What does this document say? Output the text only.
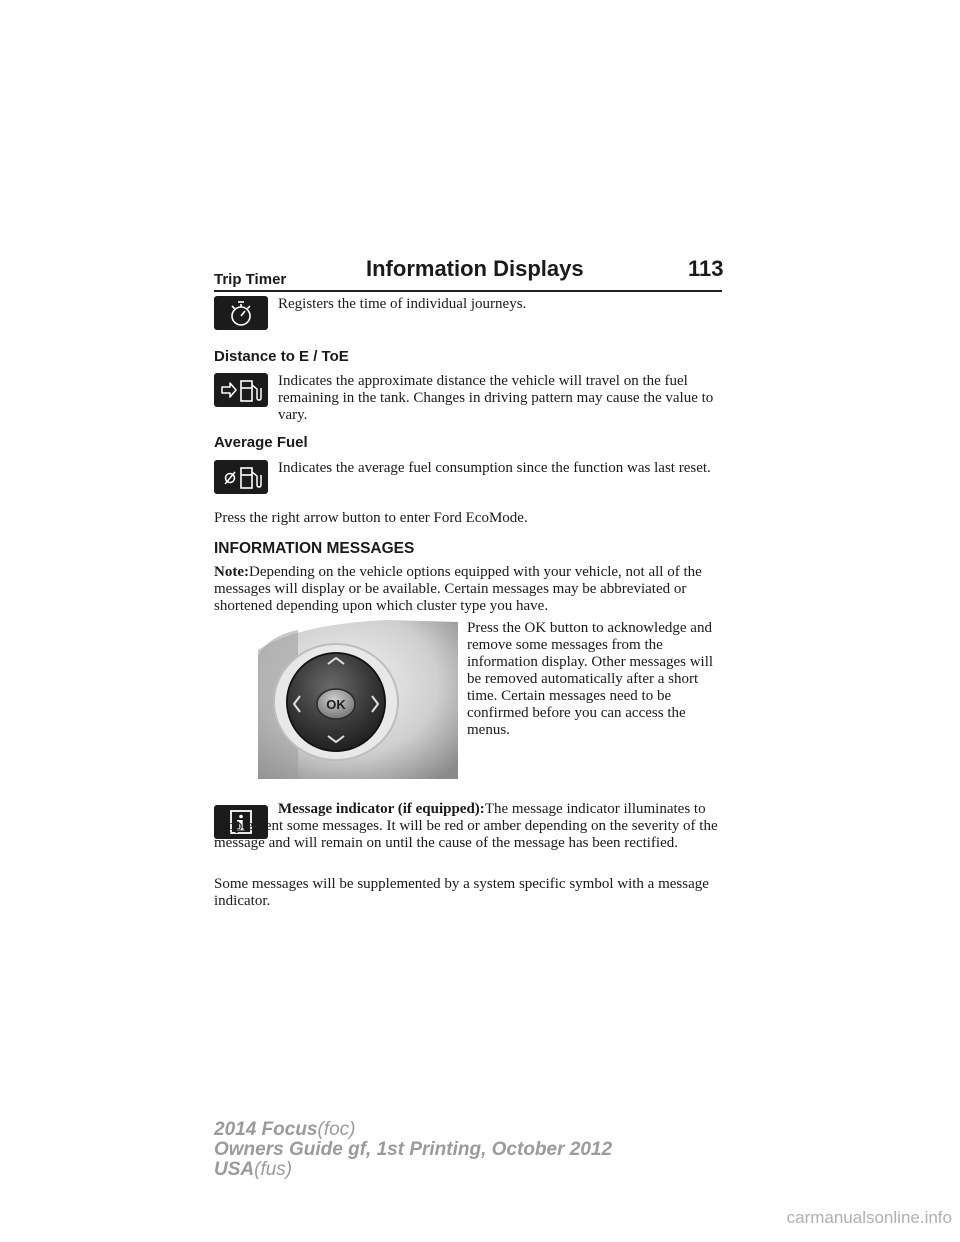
Information Displays	113
Trip Timer
Registers the time of individual journeys.
Distance to E / ToE
Indicates the approximate distance the vehicle will travel on the fuel remaining in the tank. Changes in driving pattern may cause the value to vary.
Average Fuel
Indicates the average fuel consumption since the function was last reset.
Press the right arrow button to enter Ford EcoMode.
INFORMATION MESSAGES
Note:Depending on the vehicle options equipped with your vehicle, not all of the messages will display or be available. Certain messages may be abbreviated or shortened depending upon which cluster type you have.
OK
Press the OK button to acknowledge and remove some messages from the information display. Other messages will be removed automatically after a short time. Certain messages need to be confirmed before you can access the menus.
Message indicator (if equipped):The message indicator illuminates to supplement some messages. It will be red or amber depending on the severity of the message and will remain on until the cause of the message has been rectified.
Some messages will be supplemented by a system specific symbol with a message indicator.
2014 Focus(foc)
Owners Guide gf, 1st Printing, October 2012
USA(fus)
carmanualsonline.info
